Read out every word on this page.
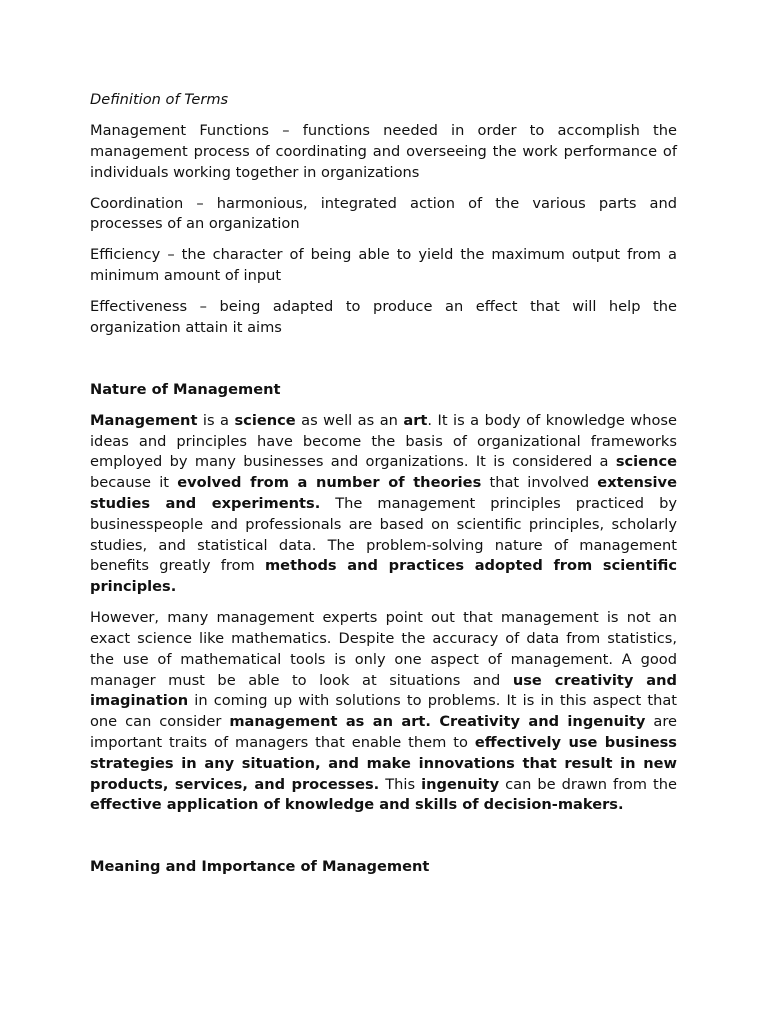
Definition of Terms

Management Functions – functions needed in order to accomplish the management process of coordinating and overseeing the work performance of individuals working together in organizations

Coordination – harmonious, integrated action of the various parts and processes of an organization

Efficiency – the character of being able to yield the maximum output from a minimum amount of input

Effectiveness – being adapted to produce an effect that will help the organization attain it aims

Nature of Management

Management is a science as well as an art. It is a body of knowledge whose ideas and principles have become the basis of organizational frameworks employed by many businesses and organizations. It is considered a science because it evolved from a number of theories that involved extensive studies and experiments. The management principles practiced by businesspeople and professionals are based on scientific principles, scholarly studies, and statistical data. The problem-solving nature of management benefits greatly from methods and practices adopted from scientific principles.

However, many management experts point out that management is not an exact science like mathematics. Despite the accuracy of data from statistics, the use of mathematical tools is only one aspect of management. A good manager must be able to look at situations and use creativity and imagination in coming up with solutions to problems. It is in this aspect that one can consider management as an art. Creativity and ingenuity are important traits of managers that enable them to effectively use business strategies in any situation, and make innovations that result in new products, services, and processes. This ingenuity can be drawn from the effective application of knowledge and skills of decision-makers.

Meaning and Importance of Management
